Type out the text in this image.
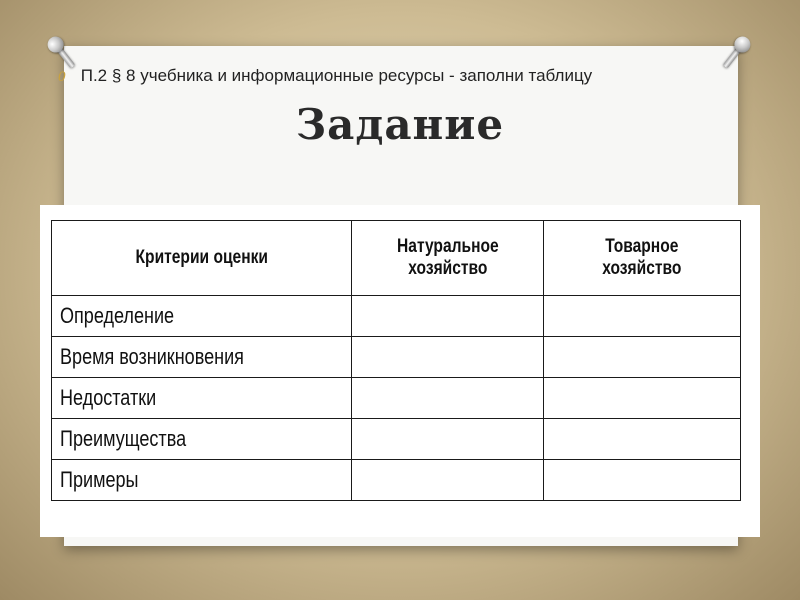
0 П.2 § 8 учебника и информационные ресурсы - заполни таблицу
Задание
Критерии оценки	Натуральное хозяйство	Товарное хозяйство
Определение		
Время возникновения		
Недостатки		
Преимущества		
Примеры		
